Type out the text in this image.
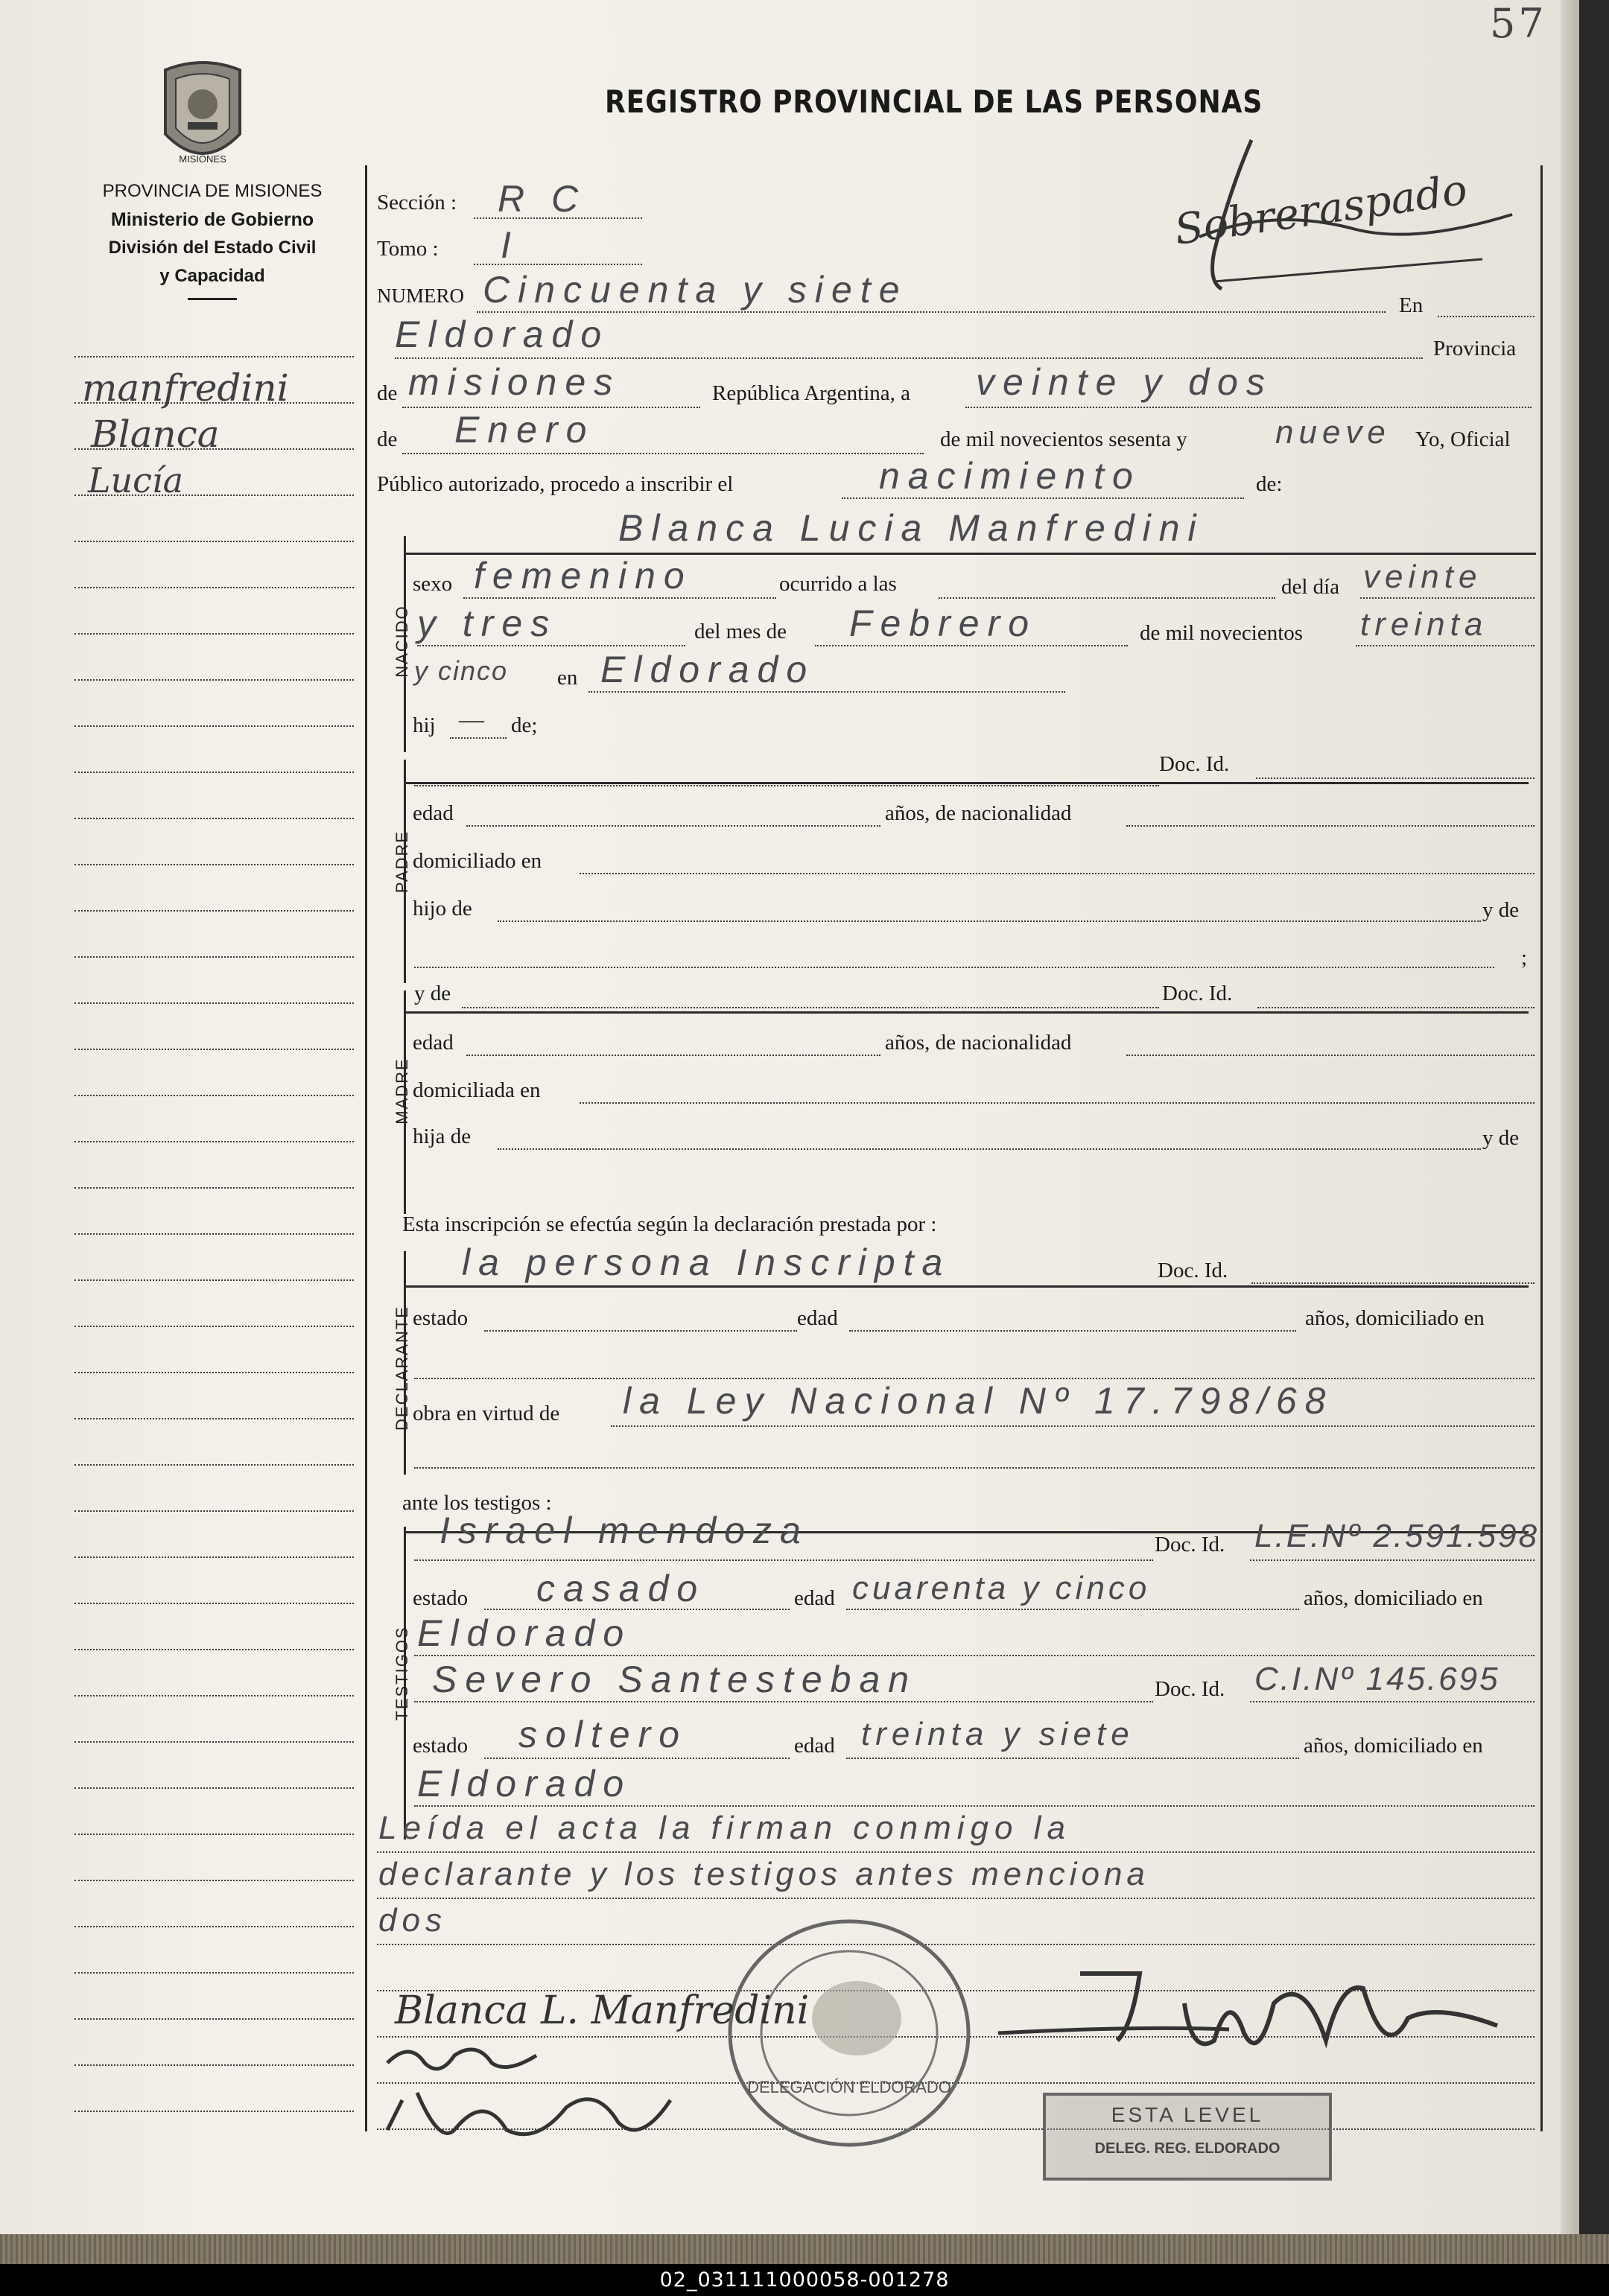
57
MISIONES
PROVINCIA DE MISIONES
Ministerio de Gobierno
División del Estado Civil
y Capacidad
REGISTRO PROVINCIAL DE LAS PERSONAS
manfredini
Blanca
Lucía
Sección : R C
Tomo : I	Sobreraspado
NUMERO Cincuenta y siete	En
Eldorado	Provincia
de misiones	República Argentina, a veinte y dos
de Enero	de mil novecientos sesenta y	nueve Yo, Oficial
Público autorizado, procedo a inscribir el	nacimiento	de:
NACIDO
Blanca Lucia Manfredini
sexo femenino	ocurrido a las	del día veinte
y tres	del mes de Febrero	de mil novecientos treinta
y cinco en Eldorado
hij — de;
PADRE
Doc. Id.
edad	años, de nacionalidad
domiciliado en
hijo de	y de
;
MADRE
y de	Doc. Id.
edad	años, de nacionalidad
domiciliada en
hija de	y de
Esta inscripción se efectúa según la declaración prestada por :
DECLARANTE
la persona Inscripta	Doc. Id.
estado	edad	años, domiciliado en
obra en virtud de la Ley Nacional Nº 17.798/68
ante los testigos :
TESTIGOS
Israel mendoza	Doc. Id. L.E.Nº 2.591.598
estado casado	edad cuarenta y cinco	años, domiciliado en
Eldorado
Severo Santesteban	Doc. Id. C.I.Nº 145.695
estado soltero	edad treinta y siete	años, domiciliado en
Eldorado
Leída el acta la firman conmigo la
declarante y los testigos antes menciona
dos
DELEGACIÓN ELDORADO
Blanca L. Manfredini
ESTA LEVEL
DELEG. REG. ELDORADO
02_031111000058-001278
